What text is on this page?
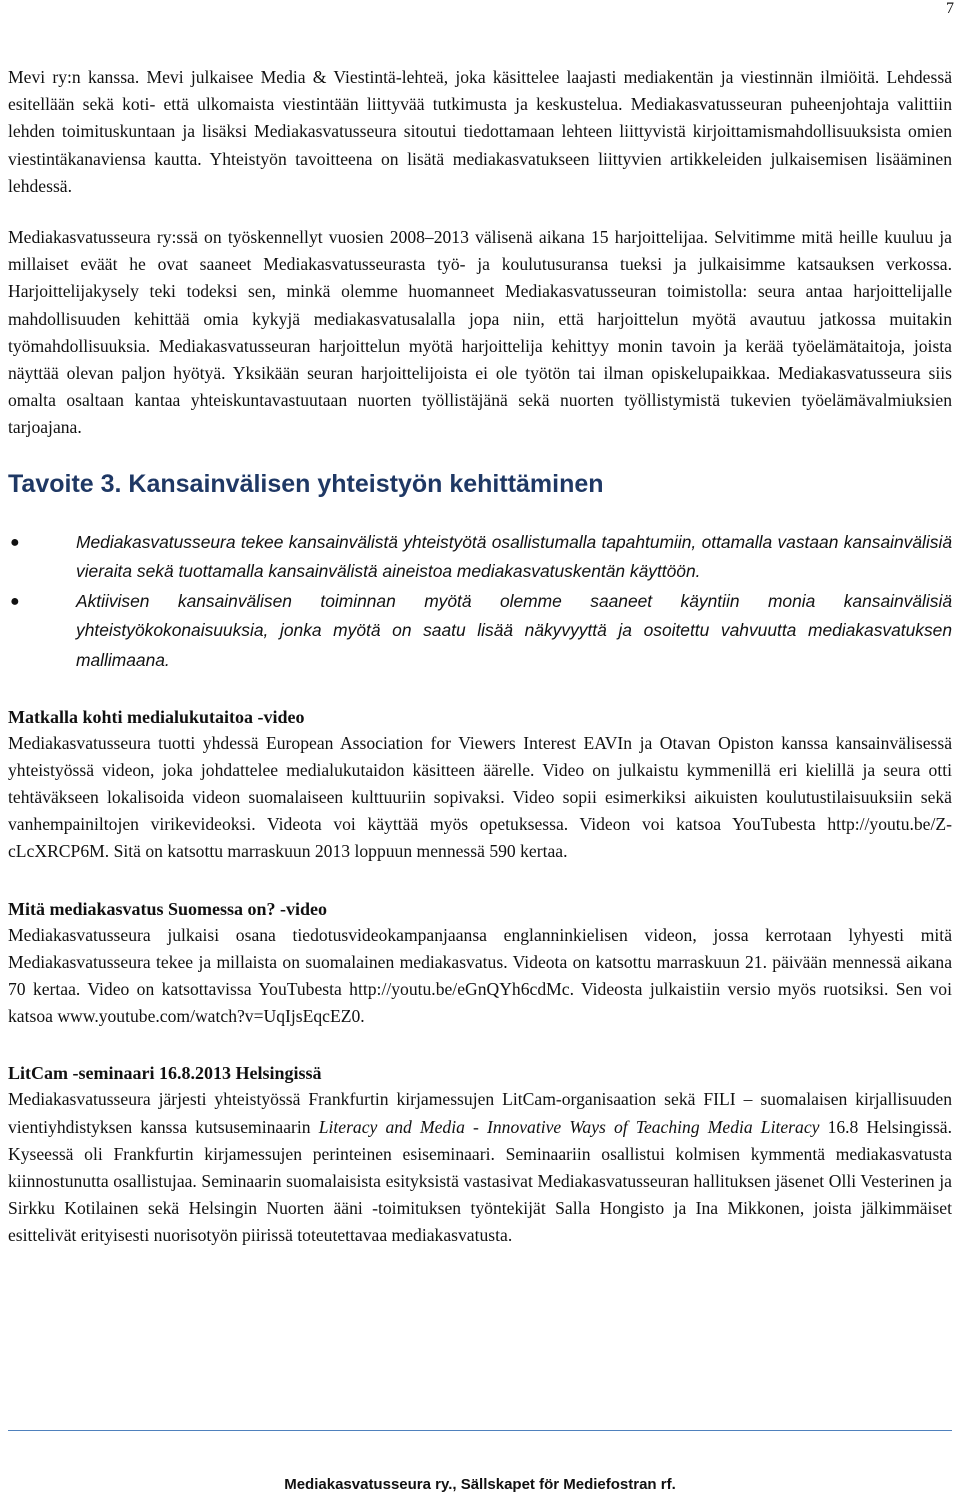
7

Mevi ry:n kanssa. Mevi julkaisee Media & Viestintä-lehteä, joka käsittelee laajasti mediakentän ja viestinnän ilmiöitä. Lehdessä esitellään sekä koti- että ulkomaista viestintään liittyvää tutkimusta ja keskustelua. Mediakasvatusseuran puheenjohtaja valittiin lehden toimituskuntaan ja lisäksi Mediakasvatusseura sitoutui tiedottamaan lehteen liittyvistä kirjoittamismahdollisuuksista omien viestintäkanaviensa kautta. Yhteistyön tavoitteena on lisätä mediakasvatukseen liittyvien artikkeleiden julkaisemisen lisääminen lehdessä.

Mediakasvatusseura ry:ssä on työskennellyt vuosien 2008–2013 välisenä aikana 15 harjoittelijaa. Selvitimme mitä heille kuuluu ja millaiset eväät he ovat saaneet Mediakasvatusseurasta työ- ja koulutusuransa tueksi ja julkaisimme katsauksen verkossa. Harjoittelijakysely teki todeksi sen, minkä olemme huomanneet Mediakasvatusseuran toimistolla: seura antaa harjoittelijalle mahdollisuuden kehittää omia kykyjä mediakasvatusalalla jopa niin, että harjoittelun myötä avautuu jatkossa muitakin työmahdollisuuksia. Mediakasvatusseuran harjoittelun myötä harjoittelija kehittyy monin tavoin ja kerää työelämätaitoja, joista näyttää olevan paljon hyötyä. Yksikään seuran harjoittelijoista ei ole työtön tai ilman opiskelupaikkaa. Mediakasvatusseura siis omalta osaltaan kantaa yhteiskuntavastuutaan nuorten työllistäjänä sekä nuorten työllistymistä tukevien työelämävalmiuksien tarjoajana.

Tavoite 3. Kansainvälisen yhteistyön kehittäminen
●	Mediakasvatusseura tekee kansainvälistä yhteistyötä osallistumalla tapahtumiin, ottamalla vastaan kansainvälisiä vieraita sekä tuottamalla kansainvälistä aineistoa mediakasvatuskentän käyttöön.
●	Aktiivisen kansainvälisen toiminnan myötä olemme saaneet käyntiin monia kansainvälisiä yhteistyökokonaisuuksia, jonka myötä on saatu lisää näkyvyyttä ja osoitettu vahvuutta mediakasvatuksen mallimaana.
Matkalla kohti medialukutaitoa -video

Mediakasvatusseura tuotti yhdessä European Association for Viewers Interest EAVIn ja Otavan Opiston kanssa kansainvälisessä yhteistyössä videon, joka johdattelee medialukutaidon käsitteen äärelle. Video on julkaistu kymmenillä eri kielillä ja seura otti tehtäväkseen lokalisoida videon suomalaiseen kulttuuriin sopivaksi. Video sopii esimerkiksi aikuisten koulutustilaisuuksiin sekä vanhempainiltojen virikevideoksi. Videota voi käyttää myös opetuksessa. Videon voi katsoa YouTubesta http://youtu.be/ZcLcXRCP6M. Sitä on katsottu marraskuun 2013 loppuun mennessä 590 kertaa.

Mitä mediakasvatus Suomessa on? -video

Mediakasvatusseura julkaisi osana tiedotusvideokampanjaansa englanninkielisen videon, jossa kerrotaan lyhyesti mitä Mediakasvatusseura tekee ja millaista on suomalainen mediakasvatus. Videota on katsottu marraskuun 21. päivään mennessä aikana 70 kertaa. Video on katsottavissa YouTubesta http://youtu.be/eGnQYh6cdMc. Videosta julkaistiin versio myös ruotsiksi. Sen voi katsoa www.youtube.com/watch?v=UqIjsEqcEZ0.

LitCam -seminaari 16.8.2013 Helsingissä

Mediakasvatusseura järjesti yhteistyössä Frankfurtin kirjamessujen LitCam-organisaation sekä FILI – suomalaisen kirjallisuuden vientiyhdistyksen kanssa kutsuseminaarin Literacy and Media - Innovative Ways of Teaching Media Literacy 16.8 Helsingissä. Kyseessä oli Frankfurtin kirjamessujen perinteinen esiseminaari. Seminaariin osallistui kolmisen kymmentä mediakasvatusta kiinnostunutta osallistujaa. Seminaarin suomalaisista esityksistä vastasivat Mediakasvatusseuran hallituksen jäsenet Olli Vesterinen ja Sirkku Kotilainen sekä Helsingin Nuorten ääni -toimituksen työntekijät Salla Hongisto ja Ina Mikkonen, joista jälkimmäiset esittelivät erityisesti nuorisotyön piirissä toteutettavaa mediakasvatusta.

Mediakasvatusseura ry., Sällskapet för Mediefostran rf.
